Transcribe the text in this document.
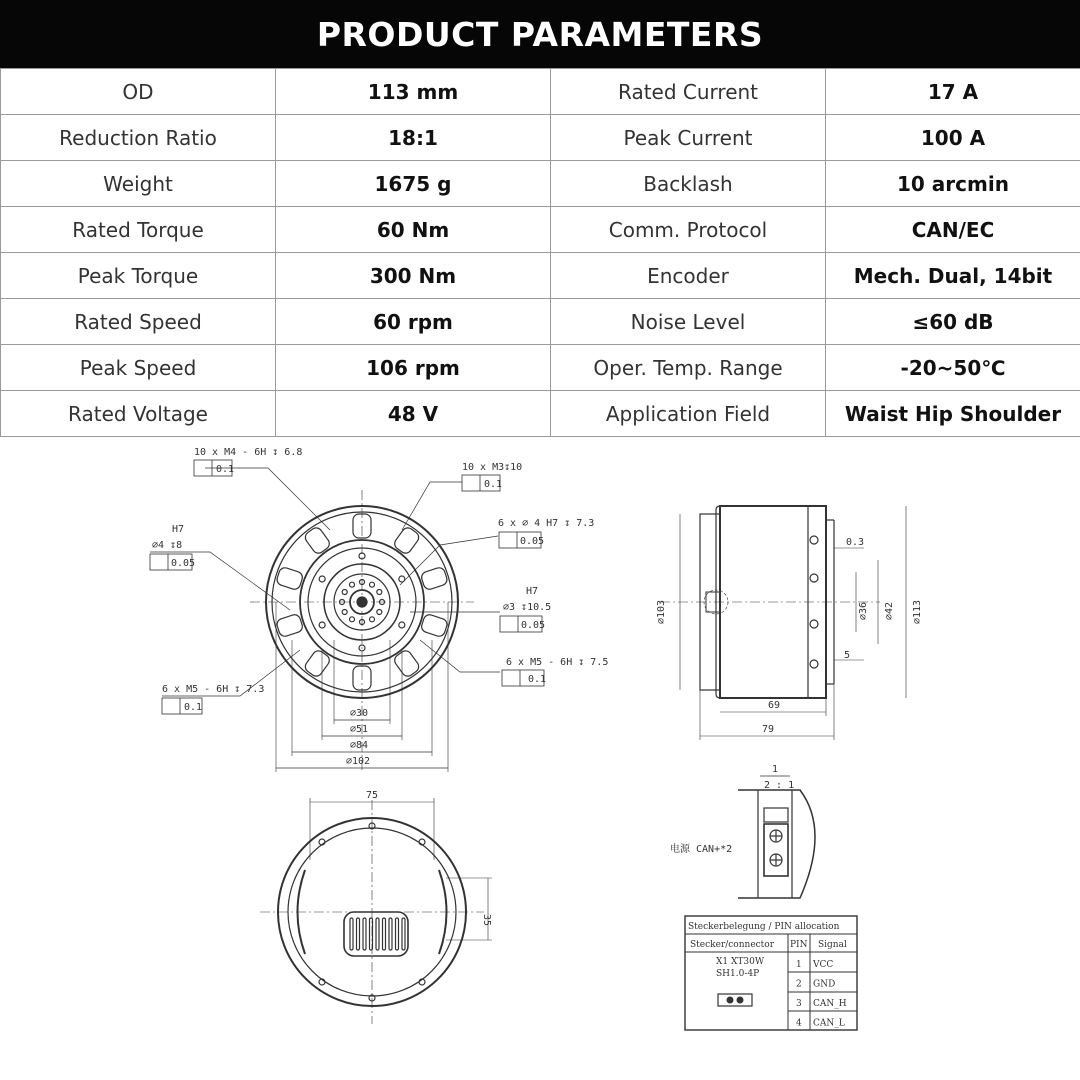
PRODUCT PARAMETERS
OD	113 mm	Rated Current	17 A
Reduction Ratio	18:1	Peak Current	100 A
Weight	1675 g	Backlash	10 arcmin
Rated Torque	60 Nm	Comm. Protocol	CAN/EC
Peak Torque	300 Nm	Encoder	Mech. Dual, 14bit
Rated Speed	60 rpm	Noise Level	≤60 dB
Peak Speed	106 rpm	Oper. Temp. Range	-20~50℃
Rated Voltage	48 V	Application Field	Waist Hip Shoulder
10 x M4 - 6H ↧ 6.8
0.1	10 x M3↧10
0.1
6 x ∅ 4 H7 ↧ 7.3
0.05
H7
∅4 ↧8
0.05
H7
∅3 ↧10.5
0.05
6 x M5 - 6H ↧ 7.5
0.1
6 x M5 - 6H ↧ 7.3
0.1
∅30
∅51
∅84
∅102
∅103
0.3
∅36 ∅42 ∅113
5
69
79
75
35
1
2 : 1
电源 CAN+*2
Steckerbelegung / PIN allocation
Stecker/connector PIN Signal
X1 XT30W
SH1.0-4P
1 VCC
2 GND
3 CAN_H
4 CAN_L
